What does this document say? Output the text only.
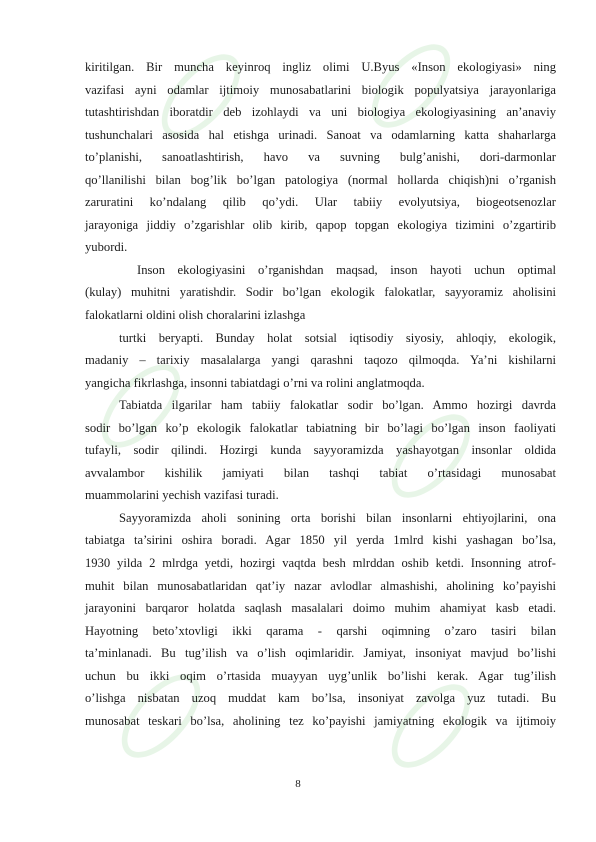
kiritilgan. Bir muncha keyinroq ingliz olimi U.Byus «Inson ekologiyasi» ning
vazifasi ayni odamlar ijtimoiy munosabatlarini biologik populyatsiya jarayonlariga
tutashtirishdan iboratdir deb izohlaydi va uni biologiya ekologiyasining an’anaviy
tushunchalari asosida hal etishga urinadi. Sanoat va odamlarning katta shaharlarga
to’planishi, sanoatlashtirish, havo va suvning bulg’anishi, dori-darmonlar
qo’llanilishi bilan bog’lik bo’lgan patologiya (normal hollarda chiqish)ni o’rganish
zaruratini ko’ndalang qilib qo’ydi. Ular tabiiy evolyutsiya, biogeotsenozlar
jarayoniga jiddiy o’zgarishlar olib kirib, qapop topgan ekologiya tizimini o’zgartirib

yubordi.

Inson ekologiyasini o’rganishdan maqsad, inson hayoti uchun optimal
(kulay) muhitni yaratishdir. Sodir bo’lgan ekologik falokatlar, sayyoramiz aholisini

falokatlarni oldini olish choralarini izlashga

turtki beryapti. Bunday holat sotsial iqtisodiy siyosiy, ahloqiy, ekologik,
madaniy – tarixiy masalalarga yangi qarashni taqozo qilmoqda. Ya’ni kishilarni

yangicha fikrlashga, insonni tabiatdagi o’rni va rolini anglatmoqda.

Tabiatda ilgarilar ham tabiiy falokatlar sodir bo’lgan. Ammo hozirgi davrda
sodir bo’lgan ko’p ekologik falokatlar tabiatning bir bo’lagi bo’lgan inson faoliyati
tufayli, sodir qilindi. Hozirgi kunda sayyoramizda yashayotgan insonlar oldida
avvalambor kishilik jamiyati bilan tashqi tabiat o’rtasidagi munosabat

muammolarini yechish vazifasi turadi.

Sayyoramizda aholi sonining orta borishi bilan insonlarni ehtiyojlarini, ona
tabiatga ta’sirini oshira boradi. Agar 1850 yil yerda 1mlrd kishi yashagan bo’lsa,
1930 yilda 2 mlrdga yetdi, hozirgi vaqtda besh mlrddan oshib ketdi. Insonning atrof-
muhit bilan munosabatlaridan qat’iy nazar avlodlar almashishi, aholining ko’payishi
jarayonini barqaror holatda saqlash masalalari doimo muhim ahamiyat kasb etadi.
Hayotning beto’xtovligi ikki qarama - qarshi oqimning o’zaro tasiri bilan
ta’minlanadi. Bu tug’ilish va o’lish oqimlaridir. Jamiyat, insoniyat mavjud bo’lishi
uchun bu ikki oqim o’rtasida muayyan uyg’unlik bo’lishi kerak. Agar tug’ilish
o’lishga nisbatan uzoq muddat kam bo’lsa, insoniyat zavolga yuz tutadi. Bu
munosabat teskari bo’lsa, aholining tez ko’payishi jamiyatning ekologik va ijtimoiy

8
